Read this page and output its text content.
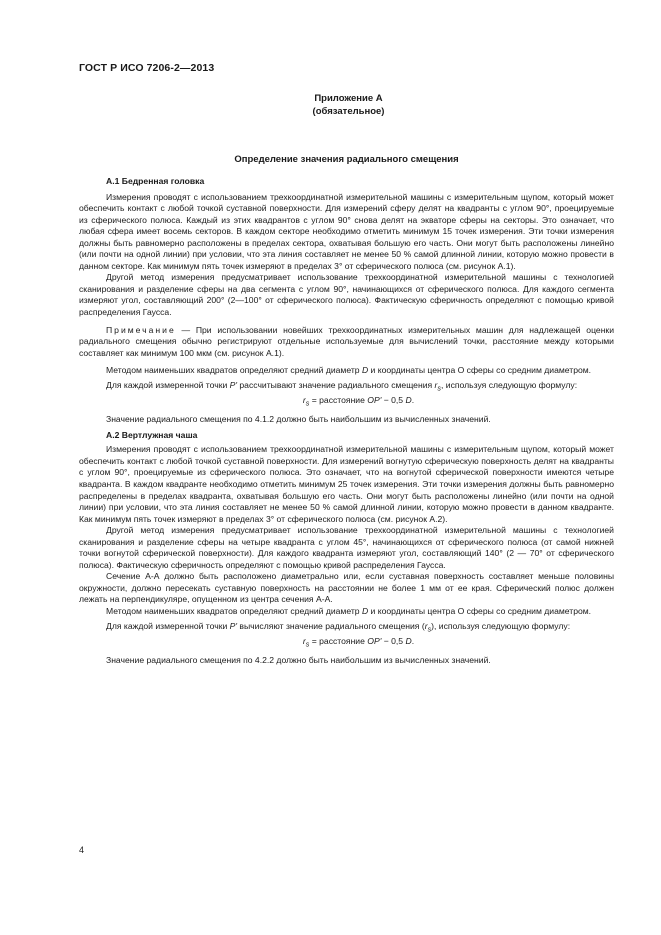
ГОСТ Р ИСО 7206-2—2013
Приложение А
(обязательное)
Определение значения радиального смещения

А.1 Бедренная головка

Измерения проводят с использованием трехкоординатной измерительной машины с измерительным щупом, который может обеспечить контакт с любой точкой суставной поверхности. Для измерений сферу делят на квадранты с углом 90°, проецируемые из сферического полюса. Каждый из этих квадрантов с углом 90° снова делят на экваторе сферы на секторы. Это означает, что любая сфера имеет восемь секторов. В каждом секторе необходимо отметить минимум 15 точек измерения. Эти точки измерения должны быть равномерно расположены в пределах сектора, охватывая большую его часть. Они могут быть расположены линейно (или почти на одной линии) при условии, что эта линия составляет не менее 50 % самой длинной линии, которую можно провести в данном секторе. Как минимум пять точек измеряют в пределах 3° от сферического полюса (см. рисунок А.1).

Другой метод измерения предусматривает использование трехкоординатной измерительной машины с технологией сканирования и разделение сферы на два сегмента с углом 90°, начинающихся от сферического полюса. Для каждого сегмента измеряют угол, составляющий 200° (2—100° от сферического полюса). Фактическую сферичность определяют с помощью кривой распределения Гаусса.

Примечание — При использовании новейших трехкоординатных измерительных машин для надлежащей оценки радиального смещения обычно регистрируют отдельные используемые для вычислений точки, расстояние между которыми составляет как минимум 100 мкм (см. рисунок А.1).

Методом наименьших квадратов определяют средний диаметр D и координаты центра О сферы со средним диаметром.

Для каждой измеренной точки P' рассчитывают значение радиального смещения $r_s$, используя следующую формулу:

$r_s$ = расстояние OP' − 0,5 D.

Значение радиального смещения по 4.1.2 должно быть наибольшим из вычисленных значений.

А.2 Вертлужная чаша

Измерения проводят с использованием трехкоординатной измерительной машины с измерительным щупом, который может обеспечить контакт с любой точкой суставной поверхности. Для измерений вогнутую сферическую поверхность делят на квадранты с углом 90°, проецируемые из сферического полюса. Это означает, что на вогнутой сферической поверхности имеются четыре квадранта. В каждом квадранте необходимо отметить минимум 25 точек измерения. Эти точки измерения должны быть равномерно распределены в пределах квадранта, охватывая большую его часть. Они могут быть расположены линейно (или почти на одной линии) при условии, что эта линия составляет не менее 50 % самой длинной линии, которую можно провести в данном квадранте. Как минимум пять точек измеряют в пределах 3° от сферического полюса (см. рисунок А.2).

Другой метод измерения предусматривает использование трехкоординатной измерительной машины с технологией сканирования и разделение сферы на четыре квадранта с углом 45°, начинающихся от сферического полюса (от самой нижней точки вогнутой сферической поверхности). Для каждого квадранта измеряют угол, составляющий 140° (2 — 70° от сферического полюса). Фактическую сферичность определяют с помощью кривой распределения Гаусса.

Сечение А-А должно быть расположено диаметрально или, если суставная поверхность составляет меньше половины окружности, должно пересекать суставную поверхность на расстоянии не более 1 мм от ее края. Сферический полюс должен лежать на перпендикуляре, опущенном из центра сечения А-А.

Методом наименьших квадратов определяют средний диаметр D и координаты центра О сферы со средним диаметром.

Для каждой измеренной точки P' вычисляют значение радиального смещения $(r_s)$, используя следующую формулу:

$r_s$ = расстояние OP' − 0,5 D.

Значение радиального смещения по 4.2.2 должно быть наибольшим из вычисленных значений.

4
